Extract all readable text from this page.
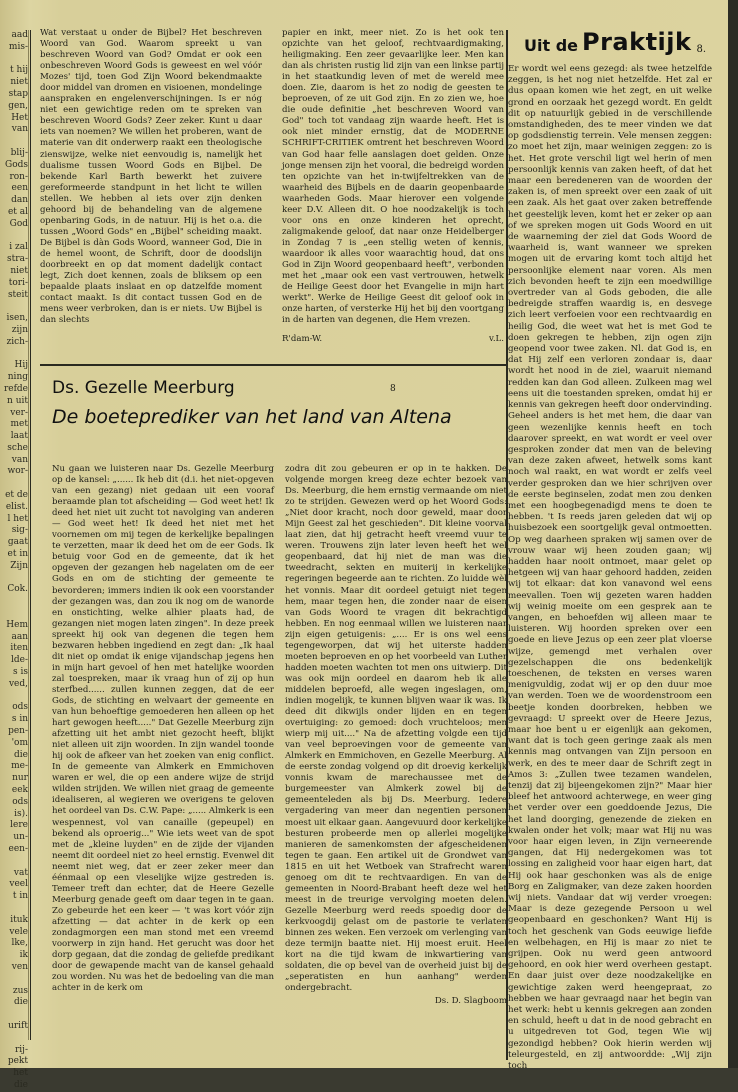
aad
mis-

t hij
niet
stap
gen,
Het
van

blij-
Gods
ron-
een
dan
et al
God

i zal
stra-
niet
tori-
steit

isen,
zijn
zich-

Hij
ning
refde
n uit
ver-
met
laat
sche
van
wor-

et de
elist.
l het
sig-
gaat
et in
Zijn

Cok.

Hem
aan
iten
lde-
s is
ved,

ods
s in
pen-
'om
die
me-
nur
eek
ods
is).
lere
un-
een-

vat
veel
t in

ituk
vele
lke,
ik
ven

zus
die

urift

rij-
pekt
het
die

Wat verstaat u onder de Bijbel? Het beschreven Woord van God. Waarom spreekt u van beschreven Woord van God? Omdat er ook een onbeschreven Woord Gods is geweest en wel vóór Mozes' tijd, toen God Zijn Woord bekendmaakte door middel van dromen en visioenen, mondelinge aanspraken en engelenverschijningen. Is er nóg niet een gewichtige reden om te spreken van beschreven Woord Gods? Zeer zeker. Kunt u daar iets van noemen? We willen het proberen, want de materie van dit onderwerp raakt een theologische zienswijze, welke niet eenvoudig is, namelijk het dualisme tussen Woord Gods en Bijbel. De bekende Karl Barth bewerkt het zuivere gereformeerde standpunt in het licht te willen stellen. We hebben al iets over zijn denken gehoord bij de behandeling van de algemene openbaring Gods, in de natuur. Hij is het o.a. die tussen „Woord Gods" en „Bijbel" scheiding maakt. De Bijbel is dàn Gods Woord, wanneer God, Die in de hemel woont, de Schrift, door de doodslijn doorbreekt en op dat moment dadelijk contact legt, Zich doet kennen, zoals de bliksem op een bepaalde plaats inslaat en op datzelfde moment contact maakt. Is dit contact tussen God en de mens weer verbroken, dan is er niets. Uw Bijbel is dan slechts

papier en inkt, meer niet. Zo is het ook ten opzichte van het geloof, rechtvaardigmaking, heiligmaking. Een zeer gevaarlijke leer. Men kan dan als christen rustig lid zijn van een linkse partij in het staatkundig leven of met de wereld mee doen. Zie, daarom is het zo nodig de geesten te beproeven, of ze uit God zijn. En zo zien we, hoe die oude definitie „het beschreven Woord van God" toch tot vandaag zijn waarde heeft. Het is ook niet minder ernstig, dat de MODERNE SCHRIFT-CRITIEK omtrent het beschreven Woord van God haar felle aanslagen doet gelden. Onze jonge mensen zijn het vooral, die bedreigd worden ten opzichte van het in-twijfeltrekken van de waarheid des Bijbels en de daarin geopenbaarde waarheden Gods. Maar hierover een volgende keer D.V. Alleen dit. O hoe noodzakelijk is toch voor ons en onze kinderen het oprecht, zaligmakende geloof, dat naar onze Heidelberger in Zondag 7 is „een stellig weten of kennis, waardoor ik alles voor waarachtig houd, dat ons God in Zijn Woord geopenbaard heeft", verbonden met het „maar ook een vast vertrouwen, hetwelk de Heilige Geest door het Evangelie in mijn hart werkt". Werke de Heilige Geest dit geloof ook in onze harten, of versterke Hij het bij den voortgang in de harten van degenen, die Hem vrezen.

R'dam-W.	v.L.
Ds. Gezelle Meerburg	8
De boeteprediker van het land van Altena

Nu gaan we luisteren naar Ds. Gezelle Meerburg op de kansel: „...... Ik heb dit (d.i. het niet-opgeven van een gezang) niet gedaan uit een vooraf beraamde plan tot afscheiding — God weet het! Ik deed het niet uit zucht tot navolging van anderen — God weet het! Ik deed het niet met het voornemen om mij tegen de kerkelijke bepalingen te verzetten, maar ik deed het om de eer Gods. Ik betuig voor God en de gemeente, dat ik het opgeven der gezangen heb nagelaten om de eer Gods en om de stichting der gemeente te bevorderen; immers indien ik ook een voorstander der gezangen was, dan zou ik nog om de wanorde en onstichting, welke alhier plaats had, de gezangen niet mogen laten zingen". In deze preek spreekt hij ook van degenen die tegen hem bezwaren hebben ingediend en zegt dan: „Ik haal dit niet op omdat ik enige vijandschap jegens hen in mijn hart gevoel of hen met hatelijke woorden zal toespreken, maar ik vraag hun of zij op hun sterfbed...... zullen kunnen zeggen, dat de eer Gods, de stichting en welvaart der gemeente en van hun behoeftige gemoederen hen alleen op het hart gewogen heeft....." Dat Gezelle Meerburg zijn afzetting uit het ambt niet gezocht heeft, blijkt niet alleen uit zijn woorden. In zijn wandel toonde hij ook de afkeer van het zoeken van enig conflict. In de gemeente van Almkerk en Emmichoven waren er wel, die op een andere wijze de strijd wilden strijden. We willen niet graag de gemeente idealiseren, al wegieren we overigens te geloven het oordeel van Ds. C.W. Pape: „..... Almkerk is een wespennest, vol van canaille (gepeupel) en bekend als oproerig..." Wie iets weet van de spot met de „kleine luyden" en de zijde der vijanden neemt dit oordeel niet zo heel ernstig. Evenwel dit neemt niet weg, dat er zeer zeker meer dan éénmaal op een vleselijke wijze gestreden is. Temeer treft dan echter, dat de Heere Gezelle Meerburg genade geeft om daar tegen in te gaan. Zo gebeurde het een keer — 't was kort vóór zijn afzetting — dat achter in de kerk op een zondagmorgen een man stond met een vreemd voorwerp in zijn hand. Het gerucht was door het dorp gegaan, dat die zondag de geliefde predikant door de gewapende macht van de kansel gehaald zou worden. Nu was het de bedoeling van die man achter in de kerk om

zodra dit zou gebeuren er op in te hakken. De volgende morgen kreeg deze echter bezoek van Ds. Meerburg, die hem ernstig vermaande om niet zo te strijden. Gewezen werd op het Woord Gods: „Niet door kracht, noch door geweld, maar door Mijn Geest zal het geschieden". Dit kleine voorval laat zien, dat hij getracht heeft vreemd vuur te weren. Trouwens zijn later leven heeft het wel geopenbaard, dat hij niet de man was die tweedracht, sekten en muiterij in kerkelijke regeringen begeerde aan te richten. Zo luidde wèl het vonnis. Maar dit oordeel getuigt niet tegen hem, maar tegen hen, die zonder naar de eisen van Gods Woord te vragen dit bekrachtigd hebben. En nog eenmaal willen we luisteren naar zijn eigen getuigenis: „.... Er is ons wel eens tegengeworpen, dat wij het uiterste hadden moeten beproeven en op het voorbeeld van Luther hadden moeten wachten tot men ons uitwierp. Dit was ook mijn oordeel en daarom heb ik alle middelen beproefd, alle wegen ingeslagen, om, indien mogelijk, te kunnen blijven waar ik was. Ik deed dit dikwijls onder lijden en en tegen overtuiging: zo gemoed: doch vruchteloos; men wierp mij uit...." Na de afzetting volgde een tijd van veel beproevingen voor de gemeente van Almkerk en Emmichoven, en Gezelle Meerburg. Al de eerste zondag volgend op dit droevig kerkelijk vonnis kwam de marechaussee met de burgemeester van Almkerk zowel bij de gemeenteleden als bij Ds. Meerburg. Iedere vergadering van meer dan negentien personen moest uit elkaar gaan. Aangevuurd door kerkelijke besturen probeerde men op allerlei mogelijke manieren de samenkomsten der afgescheidenen tegen te gaan. Een artikel uit de Grondwet van 1815 en uit het Wetboek van Strafrecht waren genoeg om dit te rechtvaardigen. En van de gemeenten in Noord-Brabant heeft deze wel het meest in de treurige vervolging moeten delen. Gezelle Meerburg werd reeds spoedig door de kerkvoogdij gelast om de pastorie te verlaten binnen zes weken. Een verzoek om verlenging van deze termijn baatte niet. Hij moest eruit. Heel kort na die tijd kwam de inkwartiering van soldaten, die op bevel van de overheid juist bij de „seperatisten en hun aanhang" werden ondergebracht.

Ds. D. Slagboom
Uit de Praktijk 8.

Er wordt wel eens gezegd: als twee hetzelfde zeggen, is het nog niet hetzelfde. Het zal er dus opaan komen wie het zegt, en uit welke grond en oorzaak het gezegd wordt. En geldt dit op natuurlijk gebied in de verschillende omstandigheden, des te meer vinden we dat op godsdienstig terrein. Vele mensen zeggen: zo moet het zijn, maar weinigen zeggen: zo is het. Het grote verschil ligt wel herin of men persoonlijk kennis van zaken heeft, of dat het maar een beredeneren van de woorden der zaken is, of men spreekt over een zaak of uit een zaak. Als het gaat over zaken betreffende het geestelijk leven, komt het er zeker op aan of we spreken mogen uit Gods Woord en uit de waarneming der ziel dat Gods Woord de waarheid is, want wanneer we spreken mogen uit de ervaring komt toch altijd het persoonlijke element naar voren. Als men zich bevonden heeft te zijn een moedwillige overtreder van al Gods geboden, die alle bedreigde straffen waardig is, en desvege zich leert verfoeien voor een rechtvaardig en heilig God, die weet wat het is met God te doen gekregen te hebben, zijn ogen zijn geopend voor twee zaken. Nl. dat God is, en dat Hij zelf een verloren zondaar is, daar wordt het nood in de ziel, waaruit niemand redden kan dan God alleen. Zulkeen mag wel eens uit die toestanden spreken, omdat hij er kennis van gekregen heeft door ondervinding. Geheel anders is het met hem, die daar van geen wezenlijke kennis heeft en toch daarover spreekt, en wat wordt er veel over gesproken zonder dat men van de beleving van deze zaken afweet, hetwelk soms kant noch wal raakt, en wat wordt er zelfs veel verder gesproken dan we hier schrijven over de eerste beginselen, zodat men zou denken met een hoogbegenadigd mens te doen te hebben. 't Is reeds jaren geleden dat wij op huisbezoek een soortgelijk geval ontmoetten. Op weg daarheen spraken wij samen over de vrouw waar wij heen zouden gaan; wij hadden haar nooit ontmoet, maar gelet op hetgeen wij van haar gehoord hadden, zeiden wij tot elkaar: dat kon vanavond wel eens meevallen. Toen wij gezeten waren hadden wij weinig moeite om een gesprek aan te vangen, en behoefden wij alleen maar te luisteren. Wij hoorden spreken over een goede en lieve Jezus op een zeer plat vloerse wijze, gemengd met verhalen over gezelschappen die ons bedenkelijk toeschenen, de teksten en verses waren menigvuldig, zodat wij er op den duur moe van werden. Toen we de woordenstroom een beetje konden doorbreken, hebben we gevraagd: U spreekt over de Heere Jezus, maar hoe bent u er eigenlijk aan gekomen, want dat is toch geen geringe zaak als men kennis mag ontvangen van Zijn persoon en werk, en des te meer daar de Schrift zegt in Amos 3: „Zullen twee tezamen wandelen, tenzij dat zij bijeengekomen zijn?" Maar hier bleef het antwoord achterwege, en weer ging het verder over een goeddoende Jezus, Die het land doorging, genezende de zieken en kwalen onder het volk; maar wat Hij nu was voor haar eigen leven, in Zijn verneerende gangen, dat Hij nedergekomen was tot lossing en zaligheid voor haar eigen hart, dat Hij ook haar geschonken was als de enige Borg en Zaligmaker, van deze zaken hoorden wij niets. Vandaar dat wij verder vroegen: Maar is deze gezegende Persoon u wel geopenbaard en geschonken? Want Hij is toch het geschenk van Gods eeuwige liefde en welbehagen, en Hij is maar zo niet te grijpen. Ook nu werd geen antwoord gehoord, en ook hier werd overheen gestapt. En daar juist over deze noodzakelijke en gewichtige zaken werd heengepraat, zo hebben we haar gevraagd naar het begin van het werk: hebt u kennis gekregen aan zonden en schuld, heeft u dat in de nood gebracht en u uitgedreven tot God, tegen Wie wij gezondigd hebben? Ook hierin werden wij teleurgesteld, en zij antwoordde: „Wij zijn toch
